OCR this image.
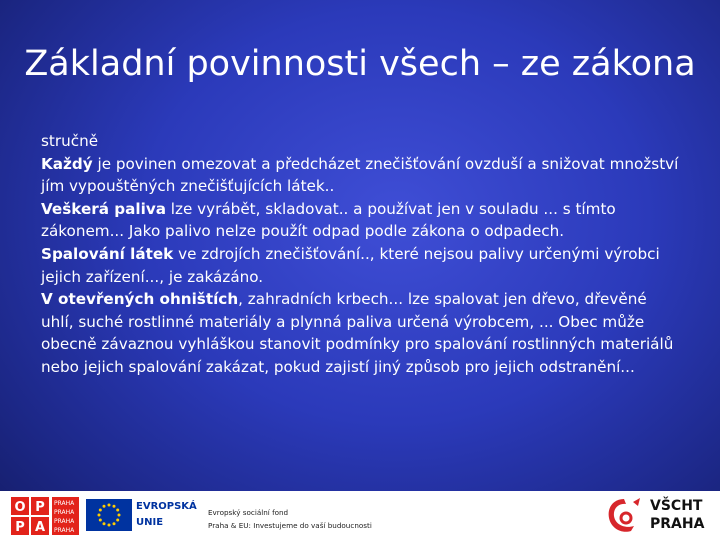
Základní povinnosti všech – ze zákona

stručně

Každý je povinen omezovat a předcházet znečišťování ovzduší a snižovat množství jím vypouštěných znečišťujících látek..

Veškerá paliva lze vyrábět, skladovat.. a používat jen v souladu ... s tímto zákonem... Jako palivo nelze použít odpad podle zákona o odpadech.

Spalování látek ve zdrojích znečišťování.., které nejsou palivy určenými výrobci jejich zařízení..., je zakázáno.

V otevřených ohništích, zahradních krbech... lze spalovat jen dřevo, dřevěné uhlí, suché rostlinné materiály a plynná paliva určená výrobcem, ... Obec může obecně závaznou vyhláškou stanovit podmínky pro spalování rostlinných materiálů nebo jejich spalování zakázat, pokud zajistí jiný způsob pro jejich odstranění...

O P
P A
PRAHA
PRAHA
PRAHA
PRAHA
EVROPSKÁ
UNIE
Evropský sociální fond
Praha & EU: Investujeme do vaší budoucnosti
VŠCHT
PRAHA
